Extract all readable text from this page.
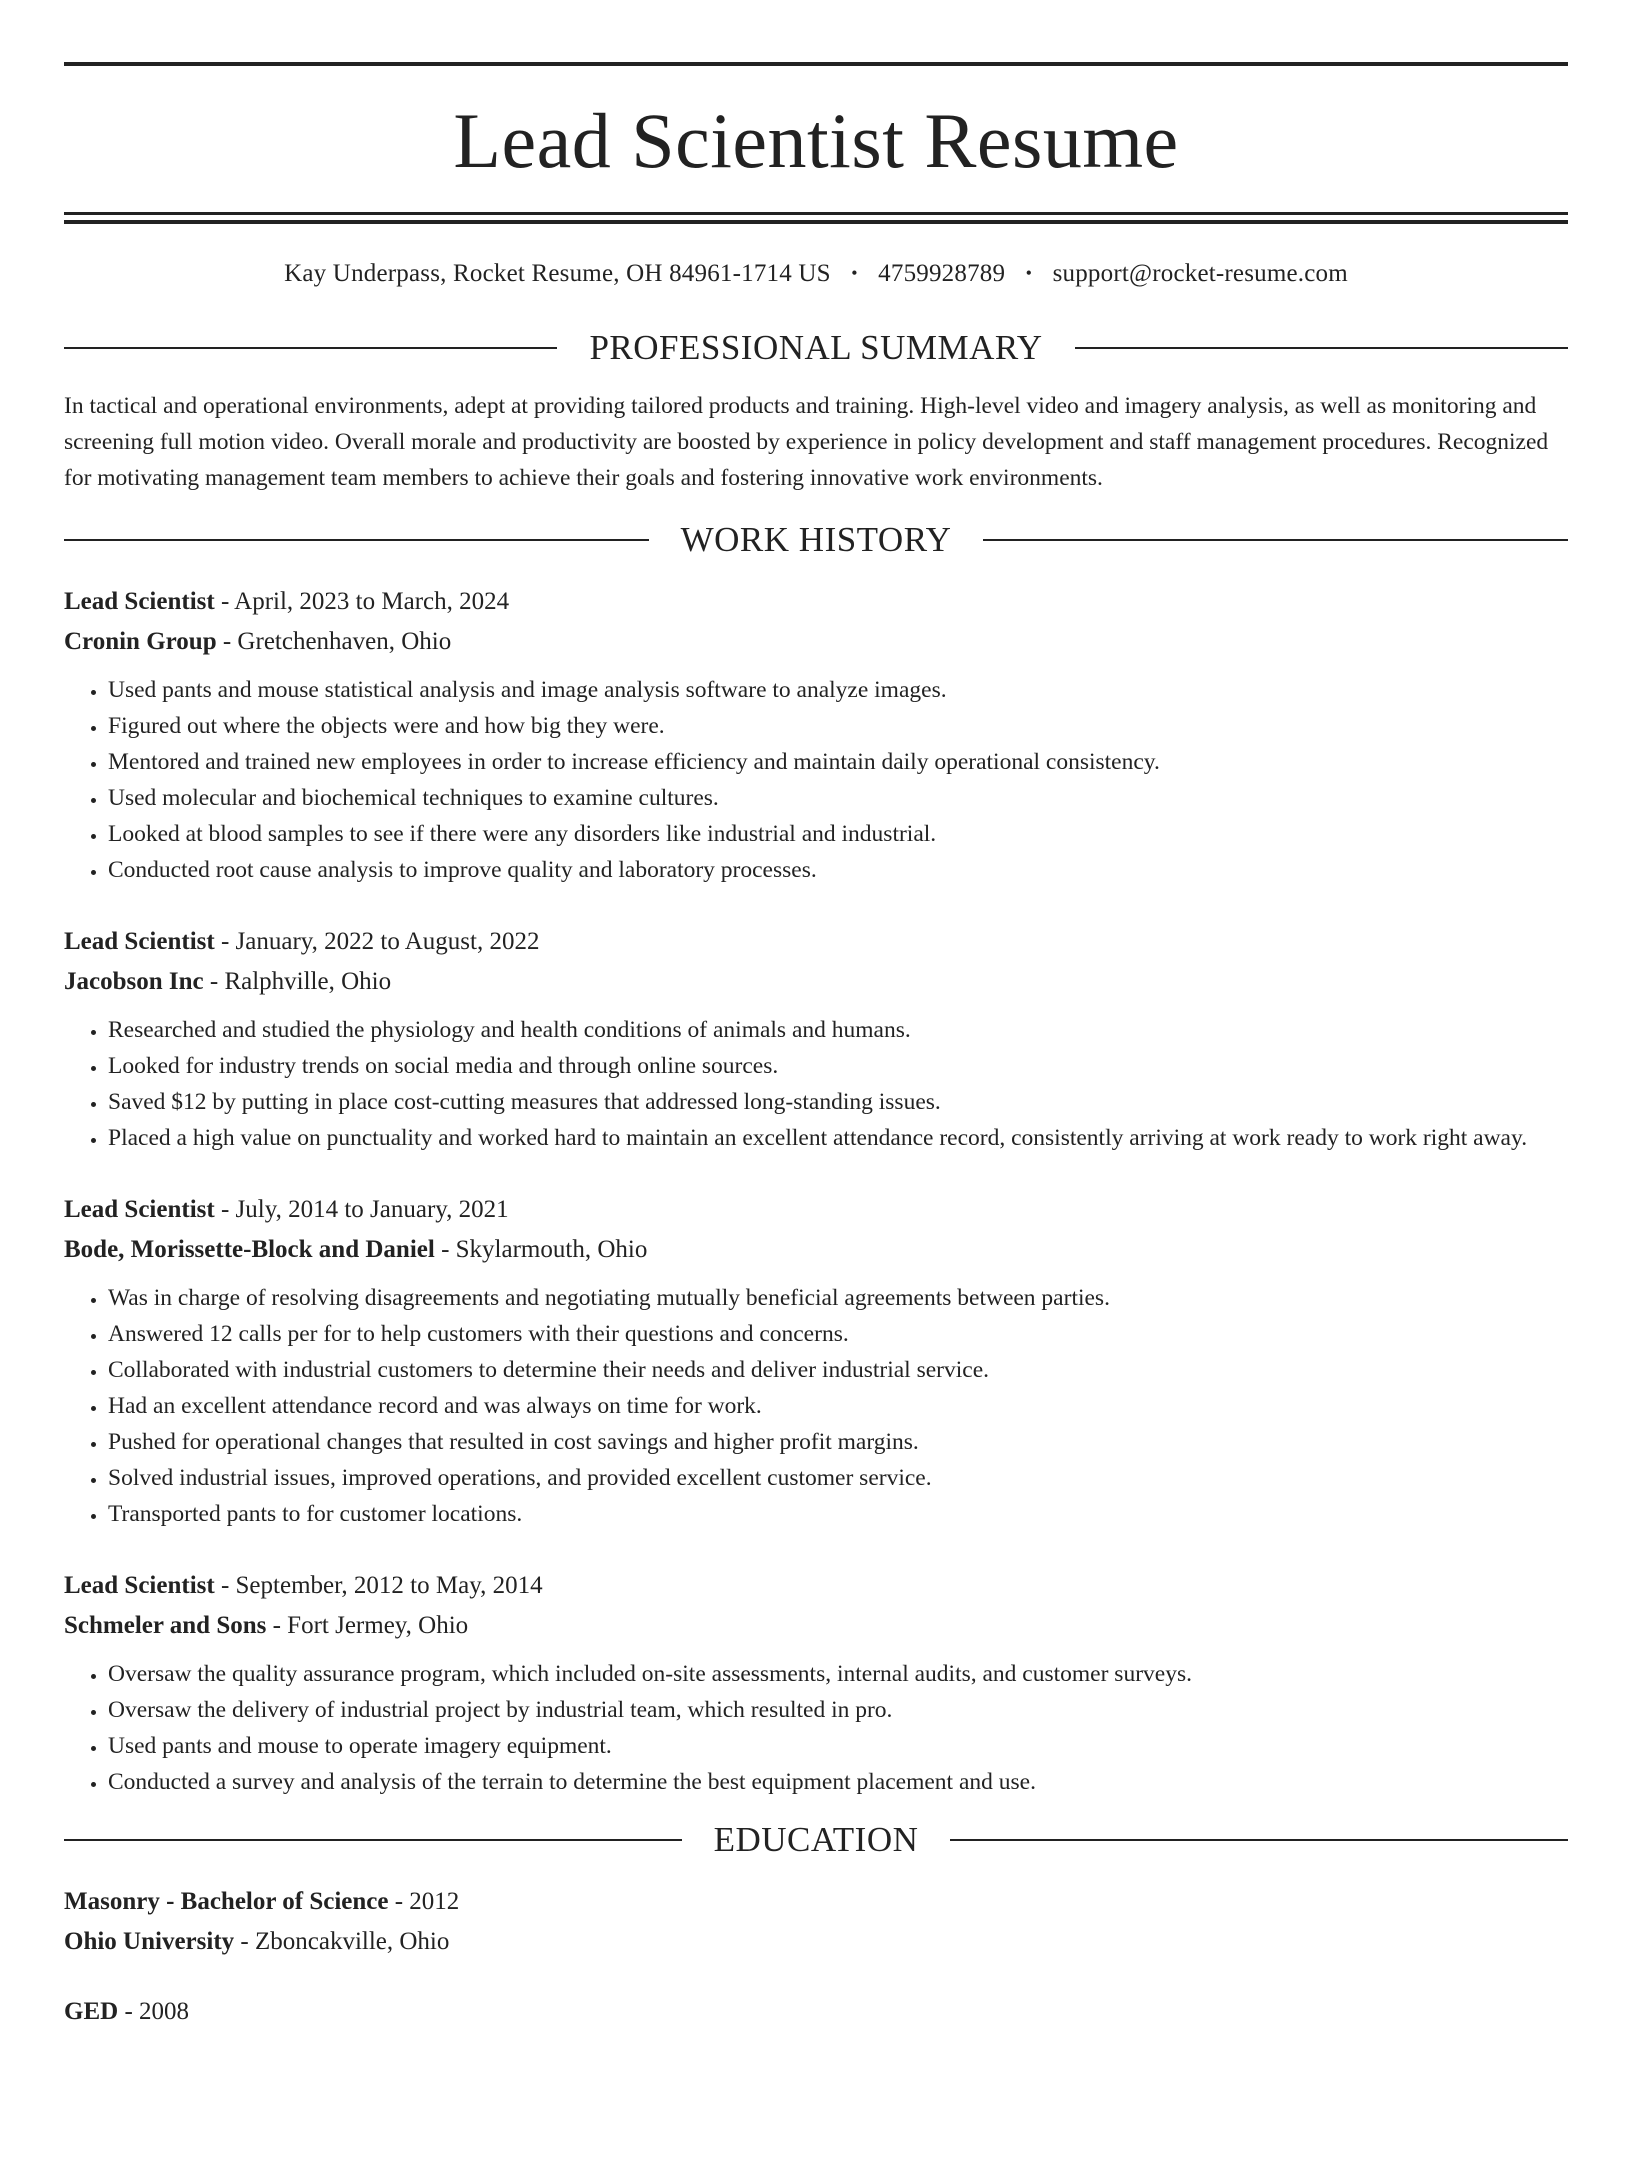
Lead Scientist Resume
Kay Underpass, Rocket Resume, OH 84961-1714 US • 4759928789 • support@rocket-resume.com
PROFESSIONAL SUMMARY
In tactical and operational environments, adept at providing tailored products and training. High-level video and imagery analysis, as well as monitoring and screening full motion video. Overall morale and productivity are boosted by experience in policy development and staff management procedures. Recognized for motivating management team members to achieve their goals and fostering innovative work environments.
WORK HISTORY
Lead Scientist - April, 2023 to March, 2024
Cronin Group - Gretchenhaven, Ohio
• Used pants and mouse statistical analysis and image analysis software to analyze images.
• Figured out where the objects were and how big they were.
• Mentored and trained new employees in order to increase efficiency and maintain daily operational consistency.
• Used molecular and biochemical techniques to examine cultures.
• Looked at blood samples to see if there were any disorders like industrial and industrial.
• Conducted root cause analysis to improve quality and laboratory processes.
Lead Scientist - January, 2022 to August, 2022
Jacobson Inc - Ralphville, Ohio
• Researched and studied the physiology and health conditions of animals and humans.
• Looked for industry trends on social media and through online sources.
• Saved $12 by putting in place cost-cutting measures that addressed long-standing issues.
• Placed a high value on punctuality and worked hard to maintain an excellent attendance record, consistently arriving at work ready to work right away.
Lead Scientist - July, 2014 to January, 2021
Bode, Morissette-Block and Daniel - Skylarmouth, Ohio
• Was in charge of resolving disagreements and negotiating mutually beneficial agreements between parties.
• Answered 12 calls per for to help customers with their questions and concerns.
• Collaborated with industrial customers to determine their needs and deliver industrial service.
• Had an excellent attendance record and was always on time for work.
• Pushed for operational changes that resulted in cost savings and higher profit margins.
• Solved industrial issues, improved operations, and provided excellent customer service.
• Transported pants to for customer locations.
Lead Scientist - September, 2012 to May, 2014
Schmeler and Sons - Fort Jermey, Ohio
• Oversaw the quality assurance program, which included on-site assessments, internal audits, and customer surveys.
• Oversaw the delivery of industrial project by industrial team, which resulted in pro.
• Used pants and mouse to operate imagery equipment.
• Conducted a survey and analysis of the terrain to determine the best equipment placement and use.
EDUCATION
Masonry - Bachelor of Science - 2012
Ohio University - Zboncakville, Ohio
GED - 2008
